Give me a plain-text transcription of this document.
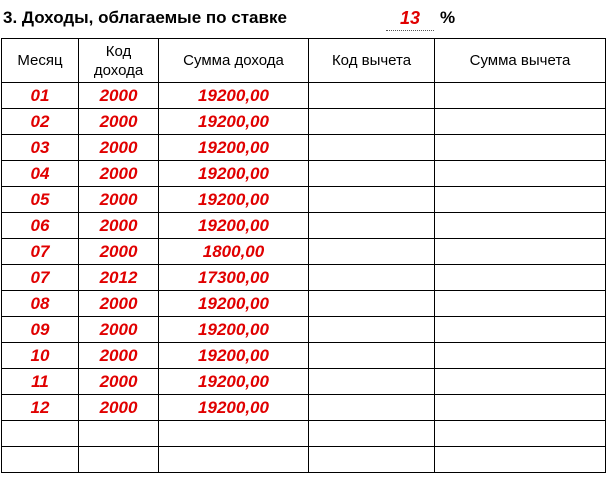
3. Доходы, облагаемые по ставке	13	%
Месяц	Код дохода	Сумма дохода	Код вычета	Сумма вычета
01	2000	19200,00		
02	2000	19200,00		
03	2000	19200,00		
04	2000	19200,00		
05	2000	19200,00		
06	2000	19200,00		
07	2000	1800,00		
07	2012	17300,00		
08	2000	19200,00		
09	2000	19200,00		
10	2000	19200,00		
11	2000	19200,00		
12	2000	19200,00		
